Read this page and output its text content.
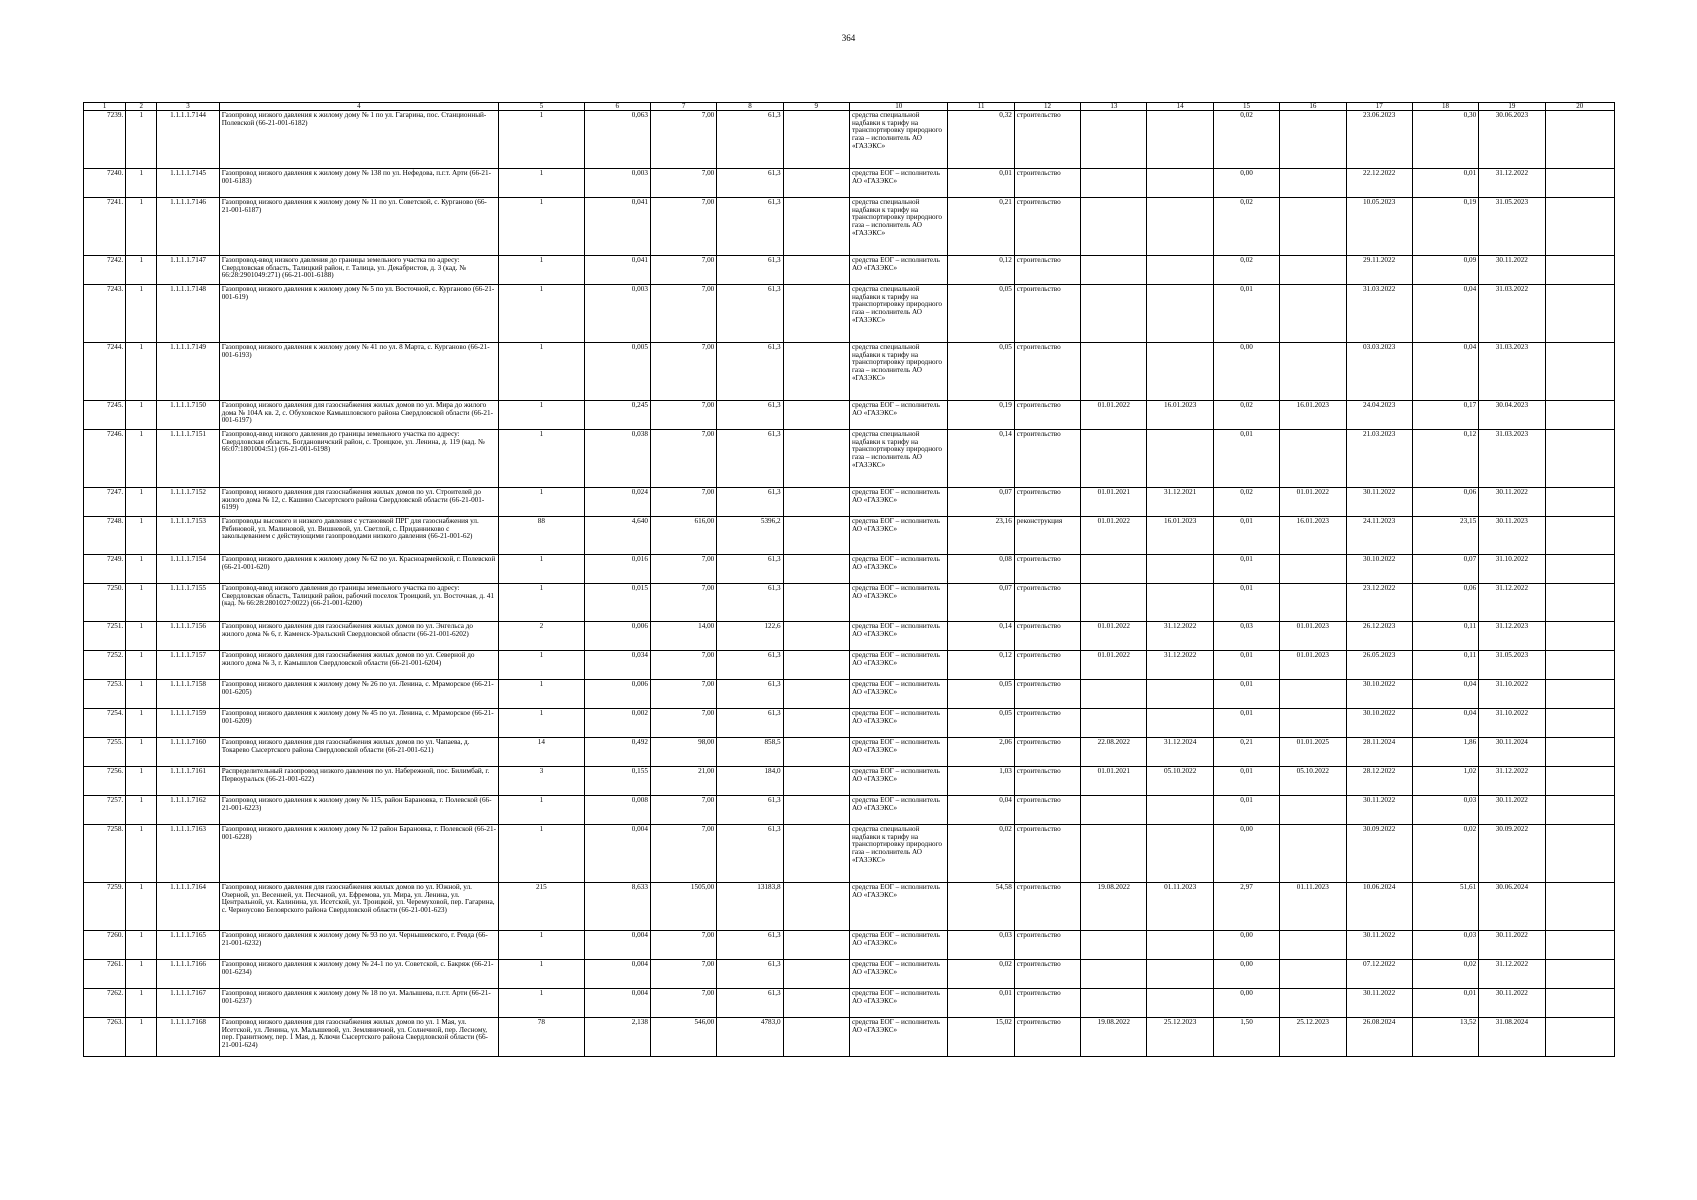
364
1	2	3	4	5	6	7	8	9	10	11	12	13	14	15	16	17	18	19	20
7239.	1	1.1.1.1.7144	Газопровод низкого давления к жилому дому № 1 по ул. Гагарина, пос. Станционный-Полевской (66-21-001-6182)	1	0,063	7,00	61,3		средства специальной надбавки к тарифу на транспортировку природного газа – исполнитель АО «ГАЗЭКС»	0,32	строительство			0,02		23.06.2023	0,30	30.06.2023	
7240.	1	1.1.1.1.7145	Газопровод низкого давления к жилому дому № 138 по ул. Нефедова, п.г.т. Арти (66-21-001-6183)	1	0,003	7,00	61,3		средства ЕОГ – исполнитель АО «ГАЗЭКС»	0,01	строительство			0,00		22.12.2022	0,01	31.12.2022	
7241.	1	1.1.1.1.7146	Газопровод низкого давления к жилому дому № 11 по ул. Советской, с. Курганово (66-21-001-6187)	1	0,041	7,00	61,3		средства специальной надбавки к тарифу на транспортировку природного газа – исполнитель АО «ГАЗЭКС»	0,21	строительство			0,02		10.05.2023	0,19	31.05.2023	
7242.	1	1.1.1.1.7147	Газопровод-ввод низкого давления до границы земельного участка по адресу: Свердловская область, Талицкий район, г. Талица, ул. Декабристов, д. 3 (кад. № 66:28:2901049:271) (66-21-001-6188)	1	0,041	7,00	61,3		средства ЕОГ – исполнитель АО «ГАЗЭКС»	0,12	строительство			0,02		29.11.2022	0,09	30.11.2022	
7243.	1	1.1.1.1.7148	Газопровод низкого давления к жилому дому № 5 по ул. Восточной, с. Курганово (66-21-001-619)	1	0,003	7,00	61,3		средства специальной надбавки к тарифу на транспортировку природного газа – исполнитель АО «ГАЗЭКС»	0,05	строительство			0,01		31.03.2022	0,04	31.03.2022	
7244.	1	1.1.1.1.7149	Газопровод низкого давления к жилому дому № 41 по ул. 8 Марта, с. Курганово (66-21-001-6193)	1	0,005	7,00	61,3		средства специальной надбавки к тарифу на транспортировку природного газа – исполнитель АО «ГАЗЭКС»	0,05	строительство			0,00		03.03.2023	0,04	31.03.2023	
7245.	1	1.1.1.1.7150	Газопровод низкого давления для газоснабжения жилых домов по ул. Мира до жилого дома № 104А кв. 2, с. Обуховское Камышловского района Свердловской области (66-21-001-6197)	1	0,245	7,00	61,3		средства ЕОГ – исполнитель АО «ГАЗЭКС»	0,19	строительство	01.01.2022	16.01.2023	0,02	16.01.2023	24.04.2023	0,17	30.04.2023	
7246.	1	1.1.1.1.7151	Газопровод-ввод низкого давления до границы земельного участка по адресу: Свердловская область, Богдановичский район, с. Троицкое, ул. Ленина, д. 119 (кад. № 66:07:1801004:51) (66-21-001-6198)	1	0,038	7,00	61,3		средства специальной надбавки к тарифу на транспортировку природного газа – исполнитель АО «ГАЗЭКС»	0,14	строительство			0,01		21.03.2023	0,12	31.03.2023	
7247.	1	1.1.1.1.7152	Газопровод низкого давления для газоснабжения жилых домов по ул. Строителей до жилого дома № 12, с. Кашино Сысертского района Свердловской области (66-21-001-6199)	1	0,024	7,00	61,3		средства ЕОГ – исполнитель АО «ГАЗЭКС»	0,07	строительство	01.01.2021	31.12.2021	0,02	01.01.2022	30.11.2022	0,06	30.11.2022	
7248.	1	1.1.1.1.7153	Газопроводы высокого и низкого давления с установкой ПРГ для газоснабжения ул. Рябиновой, ул. Малиновой, ул. Вишневой, ул. Светлой, с. Приданниково с закольцеванием с действующими газопроводами низкого давления (66-21-001-62)	88	4,640	616,00	5396,2		средства ЕОГ – исполнитель АО «ГАЗЭКС»	23,16	реконструкция	01.01.2022	16.01.2023	0,01	16.01.2023	24.11.2023	23,15	30.11.2023	
7249.	1	1.1.1.1.7154	Газопровод низкого давления к жилому дому № 62 по ул. Красноармейской, г. Полевской (66-21-001-620)	1	0,016	7,00	61,3		средства ЕОГ – исполнитель АО «ГАЗЭКС»	0,08	строительство			0,01		30.10.2022	0,07	31.10.2022	
7250.	1	1.1.1.1.7155	Газопровод-ввод низкого давления до границы земельного участка по адресу: Свердловская область, Талицкий район, рабочий поселок Троицкий, ул. Восточная, д. 41 (кад. № 66:28:2801027:0022) (66-21-001-6200)	1	0,015	7,00	61,3		средства ЕОГ – исполнитель АО «ГАЗЭКС»	0,07	строительство			0,01		23.12.2022	0,06	31.12.2022	
7251.	1	1.1.1.1.7156	Газопровод низкого давления для газоснабжения жилых домов по ул. Энгельса до жилого дома № 6, г. Каменск-Уральский Свердловской области (66-21-001-6202)	2	0,006	14,00	122,6		средства ЕОГ – исполнитель АО «ГАЗЭКС»	0,14	строительство	01.01.2022	31.12.2022	0,03	01.01.2023	26.12.2023	0,11	31.12.2023	
7252.	1	1.1.1.1.7157	Газопровод низкого давления для газоснабжения жилых домов по ул. Северной до жилого дома № 3, г. Камышлов Свердловской области (66-21-001-6204)	1	0,034	7,00	61,3		средства ЕОГ – исполнитель АО «ГАЗЭКС»	0,12	строительство	01.01.2022	31.12.2022	0,01	01.01.2023	26.05.2023	0,11	31.05.2023	
7253.	1	1.1.1.1.7158	Газопровод низкого давления к жилому дому № 26 по ул. Ленина, с. Мраморское (66-21-001-6205)	1	0,006	7,00	61,3		средства ЕОГ – исполнитель АО «ГАЗЭКС»	0,05	строительство			0,01		30.10.2022	0,04	31.10.2022	
7254.	1	1.1.1.1.7159	Газопровод низкого давления к жилому дому № 45 по ул. Ленина, с. Мраморское (66-21-001-6209)	1	0,002	7,00	61,3		средства ЕОГ – исполнитель АО «ГАЗЭКС»	0,05	строительство			0,01		30.10.2022	0,04	31.10.2022	
7255.	1	1.1.1.1.7160	Газопровод низкого давления для газоснабжения жилых домов по ул. Чапаева, д. Токарево Сысертского района Свердловской области (66-21-001-621)	14	0,492	98,00	858,5		средства ЕОГ – исполнитель АО «ГАЗЭКС»	2,06	строительство	22.08.2022	31.12.2024	0,21	01.01.2025	28.11.2024	1,86	30.11.2024	
7256.	1	1.1.1.1.7161	Распределительный газопровод низкого давления по ул. Набережной, пос. Билимбай, г. Первоуральск (66-21-001-622)	3	0,155	21,00	184,0		средства ЕОГ – исполнитель АО «ГАЗЭКС»	1,03	строительство	01.01.2021	05.10.2022	0,01	05.10.2022	28.12.2022	1,02	31.12.2022	
7257.	1	1.1.1.1.7162	Газопровод низкого давления к жилому дому № 115, район Барановка, г. Полевской (66-21-001-6223)	1	0,008	7,00	61,3		средства ЕОГ – исполнитель АО «ГАЗЭКС»	0,04	строительство			0,01		30.11.2022	0,03	30.11.2022	
7258.	1	1.1.1.1.7163	Газопровод низкого давления к жилому дому № 12 район Барановка, г. Полевской (66-21-001-6228)	1	0,004	7,00	61,3		средства специальной надбавки к тарифу на транспортировку природного газа – исполнитель АО «ГАЗЭКС»	0,02	строительство			0,00		30.09.2022	0,02	30.09.2022	
7259.	1	1.1.1.1.7164	Газопровод низкого давления для газоснабжения жилых домов по ул. Южной, ул. Озерной, ул. Весенней, ул. Песчаной, ул. Ефремова, ул. Мира, ул. Ленина, ул. Центральной, ул. Калинина, ул. Исетской, ул. Троицкой, ул. Черемуховой, пер. Гагарина, с. Черноусово Белоярского района Свердловской области (66-21-001-623)	215	8,633	1505,00	13183,8		средства ЕОГ – исполнитель АО «ГАЗЭКС»	54,58	строительство	19.08.2022	01.11.2023	2,97	01.11.2023	10.06.2024	51,61	30.06.2024	
7260.	1	1.1.1.1.7165	Газопровод низкого давления к жилому дому № 93 по ул. Чернышевского, г. Ревда (66-21-001-6232)	1	0,004	7,00	61,3		средства ЕОГ – исполнитель АО «ГАЗЭКС»	0,03	строительство			0,00		30.11.2022	0,03	30.11.2022	
7261.	1	1.1.1.1.7166	Газопровод низкого давления к жилому дому № 24-1 по ул. Советской, с. Бакряж (66-21-001-6234)	1	0,004	7,00	61,3		средства ЕОГ – исполнитель АО «ГАЗЭКС»	0,02	строительство			0,00		07.12.2022	0,02	31.12.2022	
7262.	1	1.1.1.1.7167	Газопровод низкого давления к жилому дому № 18 по ул. Малышева, п.г.т. Арти (66-21-001-6237)	1	0,004	7,00	61,3		средства ЕОГ – исполнитель АО «ГАЗЭКС»	0,01	строительство			0,00		30.11.2022	0,01	30.11.2022	
7263.	1	1.1.1.1.7168	Газопровод низкого давления для газоснабжения жилых домов по ул. 1 Мая, ул. Исетской, ул. Ленина, ул. Малышевой, ул. Земляничной, ул. Солнечной, пер. Лесному, пер. Гранитному, пер. 1 Мая, д. Ключи Сысертского района Свердловской области (66-21-001-624)	78	2,138	546,00	4783,0		средства ЕОГ – исполнитель АО «ГАЗЭКС»	15,02	строительство	19.08.2022	25.12.2023	1,50	25.12.2023	26.08.2024	13,52	31.08.2024	
